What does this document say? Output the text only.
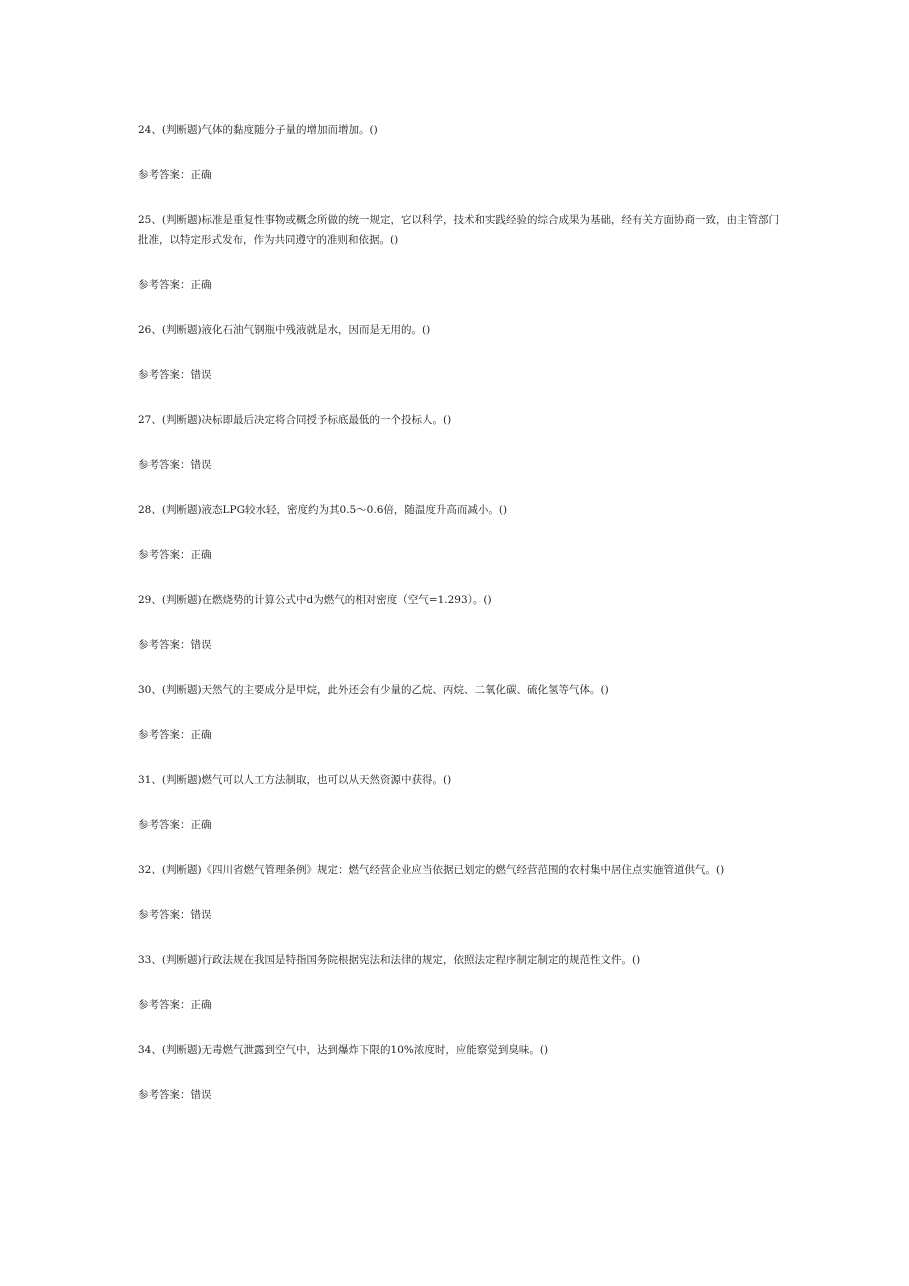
24、(判断题)气体的黏度随分子量的增加而增加。()

参考答案：正确

25、(判断题)标准是重复性事物或概念所做的统一规定，它以科学，技术和实践经验的综合成果为基础，经有关方面协商一致，由主管部门批准，以特定形式发布，作为共同遵守的准则和依据。()

参考答案：正确

26、(判断题)液化石油气钢瓶中残液就是水，因而是无用的。()

参考答案：错误

27、(判断题)决标即最后决定将合同授予标底最低的一个投标人。()

参考答案：错误

28、(判断题)液态LPG较水轻，密度约为其0.5～0.6倍，随温度升高而减小。()

参考答案：正确

29、(判断题)在燃烧势的计算公式中d为燃气的相对密度（空气=1.293）。()

参考答案：错误

30、(判断题)天然气的主要成分是甲烷，此外还会有少量的乙烷、丙烷、二氧化碳、硫化氢等气体。()

参考答案：正确

31、(判断题)燃气可以人工方法制取，也可以从天然资源中获得。()

参考答案：正确

32、(判断题)《四川省燃气管理条例》规定：燃气经营企业应当依据已划定的燃气经营范围的农村集中居住点实施管道供气。()

参考答案：错误

33、(判断题)行政法规在我国是特指国务院根据宪法和法律的规定，依照法定程序制定制定的规范性文件。()

参考答案：正确

34、(判断题)无毒燃气泄露到空气中，达到爆炸下限的10%浓度时，应能察觉到臭味。()

参考答案：错误
